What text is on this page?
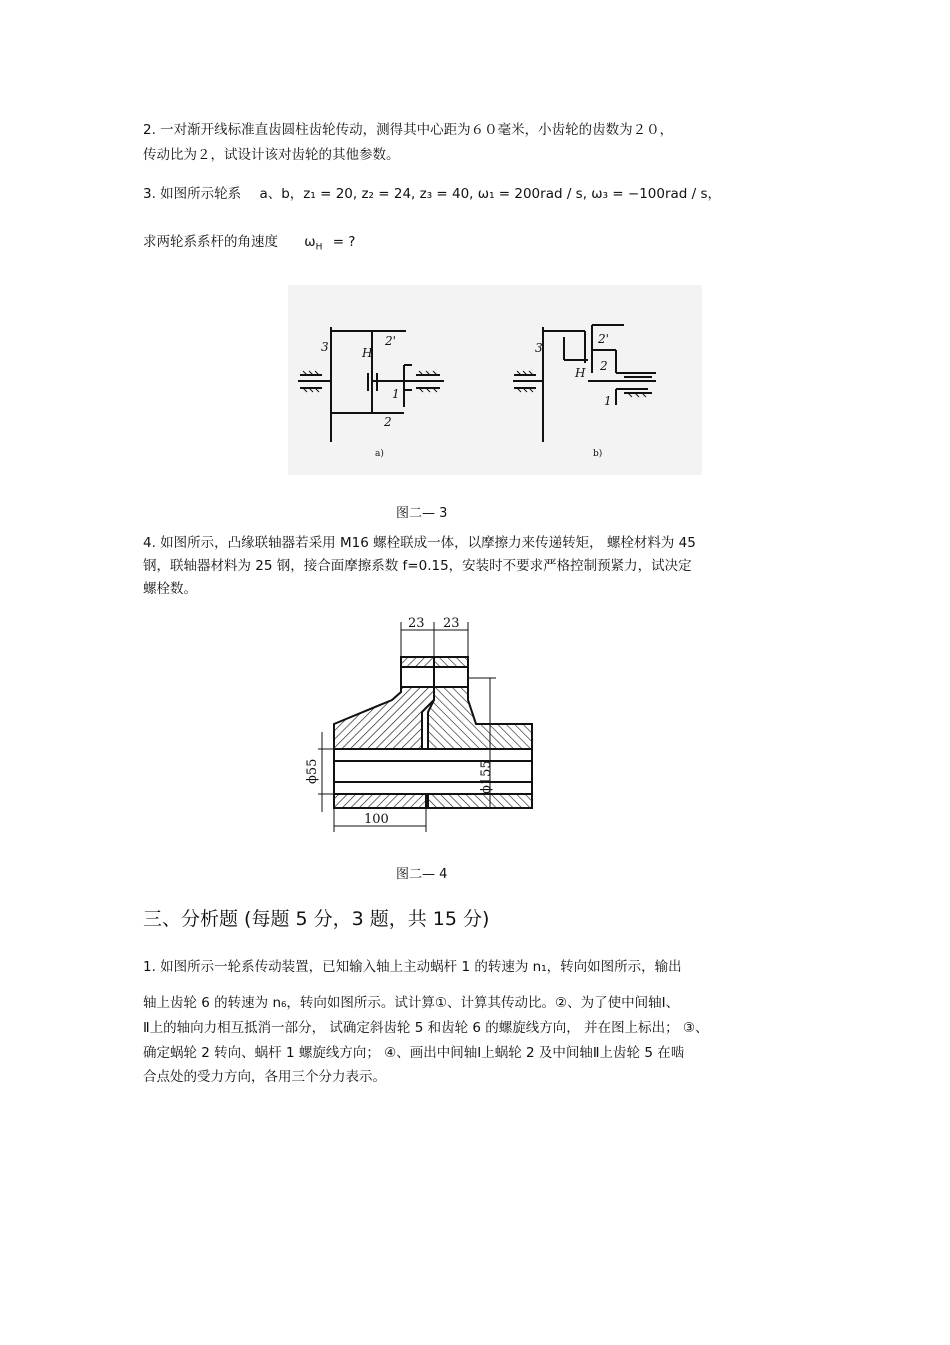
2. 一对渐开线标准直齿圆柱齿轮传动，测得其中心距为６０毫米，小齿轮的齿数为２０，
传动比为２，试设计该对齿轮的其他参数。
3. 如图所示轮系 a、b，z₁ = 20, z₂ = 24, z₃ = 40, ω₁ = 200rad / s, ω₃ = −100rad / s，
求两轮系系杆的角速度 $\omega_H$ = ?
3	H
2'
1
2
a)
3
2'
H 2
1
b)
图二— 3
4. 如图所示，凸缘联轴器若采用 M16 螺栓联成一体，以摩擦力来传递转矩， 螺栓材料为 45
钢，联轴器材料为 25 钢，接合面摩擦系数 f=0.15，安装时不要求严格控制预紧力，试决定
螺栓数。
23 23
100
ϕ55	ϕ155
图二— 4
三、分析题 (每题 5 分，3 题，共 15 分)
1. 如图所示一轮系传动装置，已知输入轴上主动蜗杆 1 的转速为 n₁，转向如图所示，输出
轴上齿轮 6 的转速为 n₆，转向如图所示。试计算①、计算其传动比。②、为了使中间轴Ⅰ、
Ⅱ上的轴向力相互抵消一部分， 试确定斜齿轮 5 和齿轮 6 的螺旋线方向， 并在图上标出； ③、
确定蜗轮 2 转向、蜗杆 1 螺旋线方向； ④、画出中间轴Ⅰ上蜗轮 2 及中间轴Ⅱ上齿轮 5 在啮
合点处的受力方向，各用三个分力表示。
